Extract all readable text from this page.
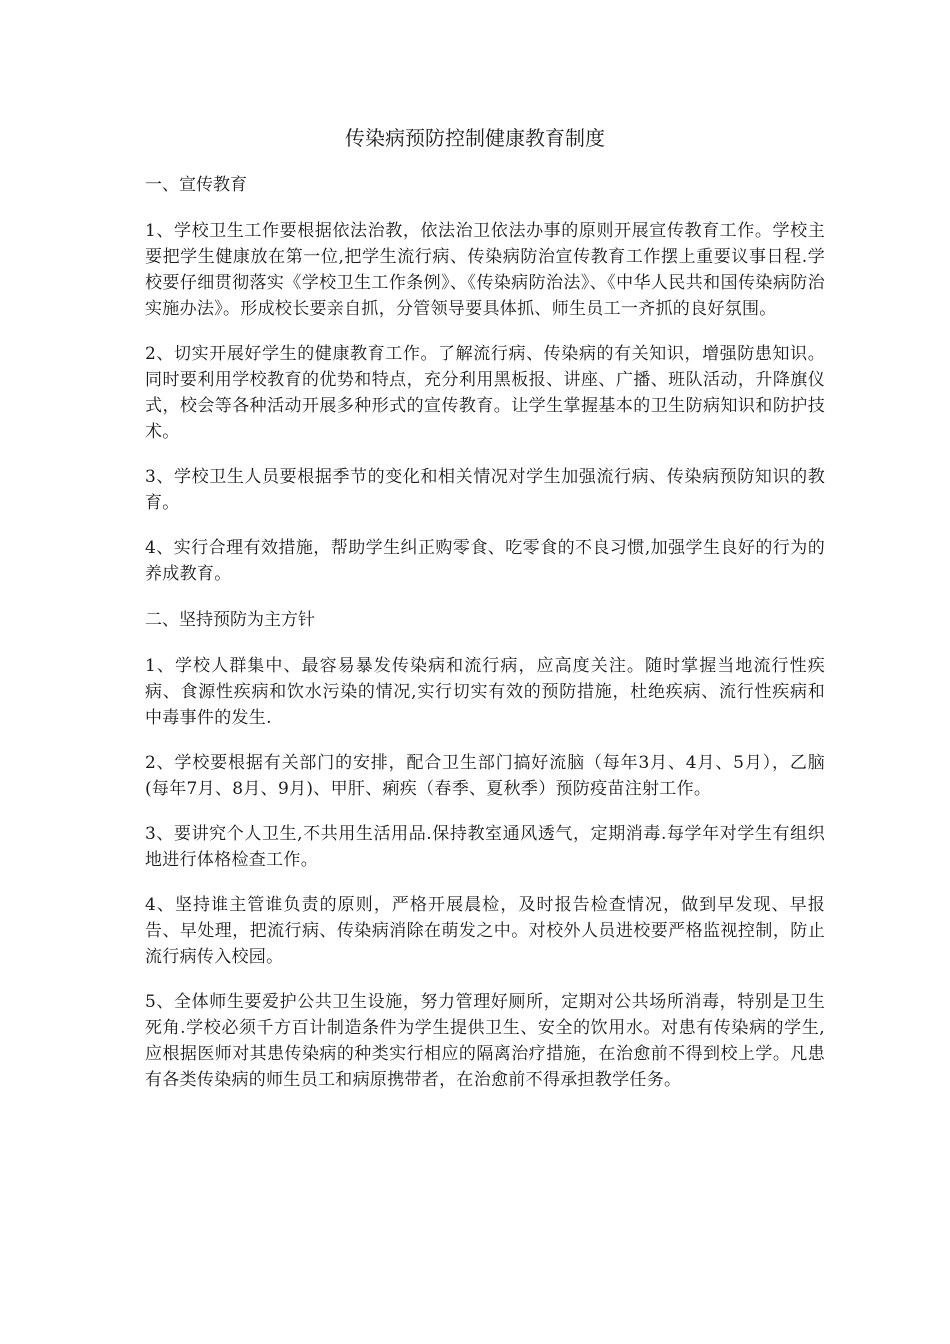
传染病预防控制健康教育制度
一、宣传教育
1、学校卫生工作要根据依法治教，依法治卫依法办事的原则开展宣传教育工作。学校主要把学生健康放在第一位,把学生流行病、传染病防治宣传教育工作摆上重要议事日程.学校要仔细贯彻落实《学校卫生工作条例》、《传染病防治法》、《中华人民共和国传染病防治实施办法》。形成校长要亲自抓，分管领导要具体抓、师生员工一齐抓的良好氛围。
2、切实开展好学生的健康教育工作。了解流行病、传染病的有关知识，增强防患知识。同时要利用学校教育的优势和特点，充分利用黑板报、讲座、广播、班队活动，升降旗仪式，校会等各种活动开展多种形式的宣传教育。让学生掌握基本的卫生防病知识和防护技术。
3、学校卫生人员要根据季节的变化和相关情况对学生加强流行病、传染病预防知识的教育。
4、实行合理有效措施，帮助学生纠正购零食、吃零食的不良习惯,加强学生良好的行为的养成教育。
二、坚持预防为主方针
1、学校人群集中、最容易暴发传染病和流行病，应高度关注。随时掌握当地流行性疾病、食源性疾病和饮水污染的情况,实行切实有效的预防措施，杜绝疾病、流行性疾病和中毒事件的发生.
2、学校要根据有关部门的安排，配合卫生部门搞好流脑（每年3月、4月、5月），乙脑(每年7月、8月、9月)、甲肝、痢疾（春季、夏秋季）预防疫苗注射工作。
3、要讲究个人卫生,不共用生活用品.保持教室通风透气，定期消毒.每学年对学生有组织地进行体格检查工作。
4、坚持谁主管谁负责的原则，严格开展晨检，及时报告检查情况，做到早发现、早报告、早处理，把流行病、传染病消除在萌发之中。对校外人员进校要严格监视控制，防止流行病传入校园。
5、全体师生要爱护公共卫生设施，努力管理好厕所，定期对公共场所消毒，特别是卫生死角.学校必须千方百计制造条件为学生提供卫生、安全的饮用水。对患有传染病的学生,应根据医师对其患传染病的种类实行相应的隔离治疗措施，在治愈前不得到校上学。凡患有各类传染病的师生员工和病原携带者，在治愈前不得承担教学任务。
